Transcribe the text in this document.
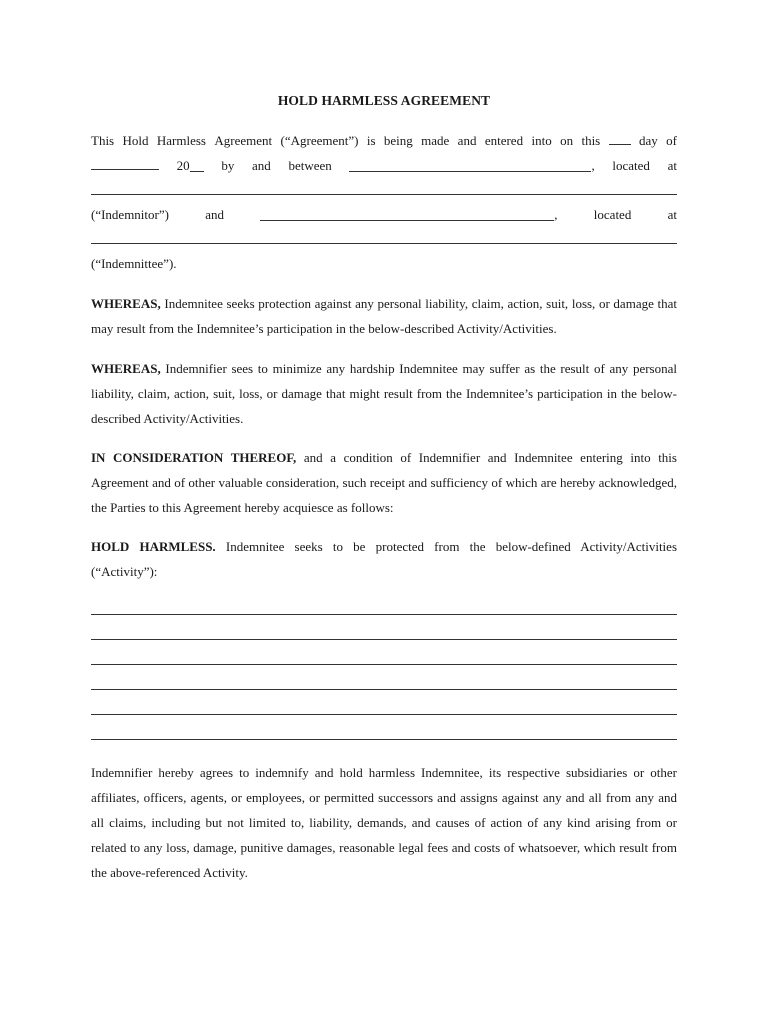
HOLD HARMLESS AGREEMENT
This Hold Harmless Agreement (“Agreement”) is being made and entered into on this	day of
20	by and between	, located at
(“Indemnitor”)	and	,	located	at
(“Indemnittee”).
WHEREAS, Indemnitee seeks protection against any personal liability, claim, action, suit, loss, or damage that may result from the Indemnitee’s participation in the below-described Activity/Activities.
WHEREAS, Indemnifier sees to minimize any hardship Indemnitee may suffer as the result of any personal liability, claim, action, suit, loss, or damage that might result from the Indemnitee’s participation in the below-described Activity/Activities.
IN CONSIDERATION THEREOF, and a condition of Indemnifier and Indemnitee entering into this Agreement and of other valuable consideration, such receipt and sufficiency of which are hereby acknowledged, the Parties to this Agreement hereby acquiesce as follows:
HOLD HARMLESS. Indemnitee seeks to be protected from the below-defined Activity/Activities (“Activity”):
Indemnifier hereby agrees to indemnify and hold harmless Indemnitee, its respective subsidiaries or other affiliates, officers, agents, or employees, or permitted successors and assigns against any and all from any and all claims, including but not limited to, liability, demands, and causes of action of any kind arising from or related to any loss, damage, punitive damages, reasonable legal fees and costs of whatsoever, which result from the above-referenced Activity.
